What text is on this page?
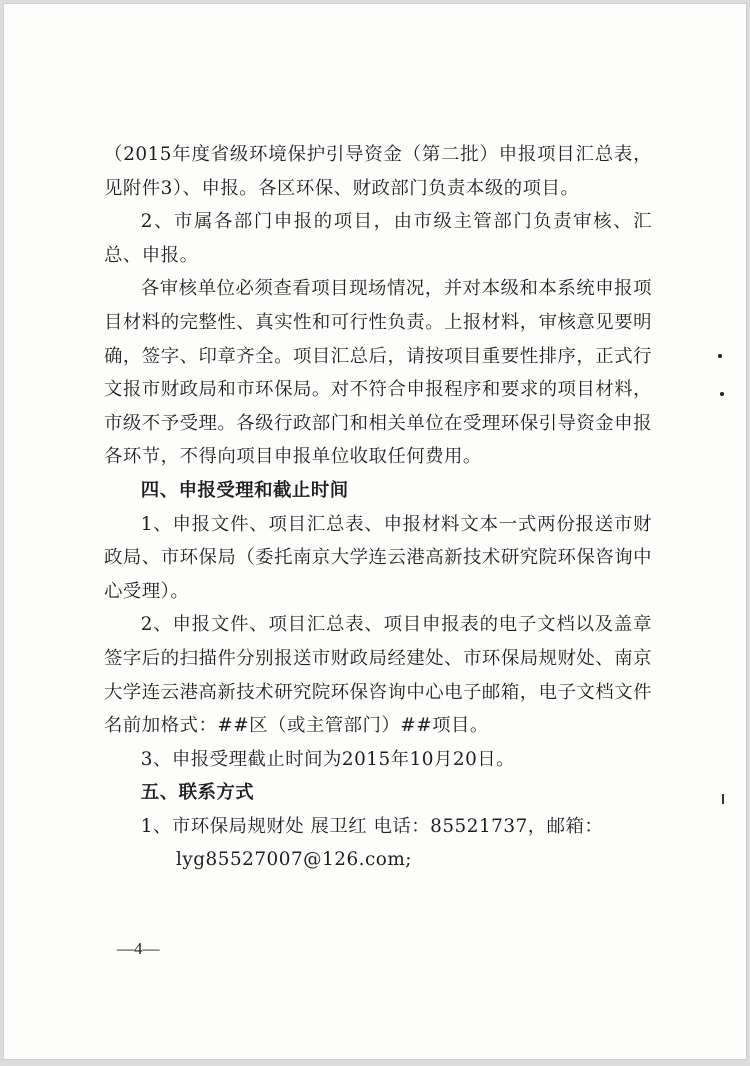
（2015年度省级环境保护引导资金（第二批）申报项目汇总表，见附件3）、申报。各区环保、财政部门负责本级的项目。

2、市属各部门申报的项目，由市级主管部门负责审核、汇总、申报。

各审核单位必须查看项目现场情况，并对本级和本系统申报项目材料的完整性、真实性和可行性负责。上报材料，审核意见要明确，签字、印章齐全。项目汇总后，请按项目重要性排序，正式行文报市财政局和市环保局。对不符合申报程序和要求的项目材料，市级不予受理。各级行政部门和相关单位在受理环保引导资金申报各环节，不得向项目申报单位收取任何费用。

四、申报受理和截止时间

1、申报文件、项目汇总表、申报材料文本一式两份报送市财政局、市环保局（委托南京大学连云港高新技术研究院环保咨询中心受理）。

2、申报文件、项目汇总表、项目申报表的电子文档以及盖章签字后的扫描件分别报送市财政局经建处、市环保局规财处、南京大学连云港高新技术研究院环保咨询中心电子邮箱，电子文档文件名前加格式：##区（或主管部门）##项目。

3、申报受理截止时间为2015年10月20日。

五、联系方式

1、市环保局规财处 展卫红 电话：85521737，邮箱：

lyg85527007@126.com;

—4—
